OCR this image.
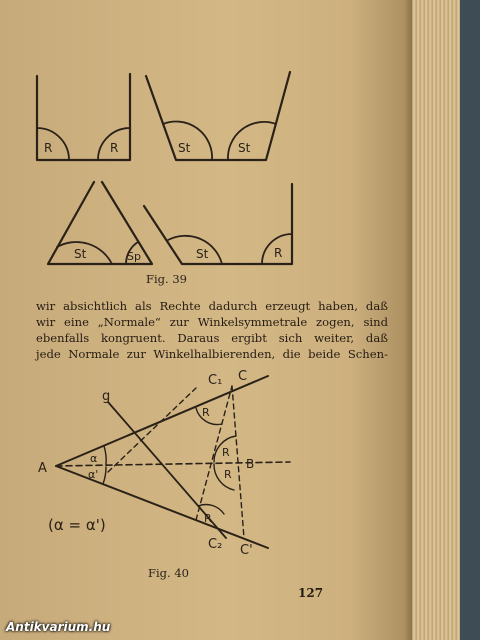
R	R	St	St
St	Sp	St	R
Fig. 39
wir absichtlich als Rechte dadurch erzeugt haben, daß
wir eine „Normale“ zur Winkelsymmetrale zogen, sind
ebenfalls kongruent. Daraus ergibt sich weiter, daß
jede Normale zur Winkelhalbierenden, die beide Schen-
A	B
g
C
C₁
C'
C₂
α
α'
R
R
R
R
(α = α')
Fig. 40
127
Antikvarium.hu
